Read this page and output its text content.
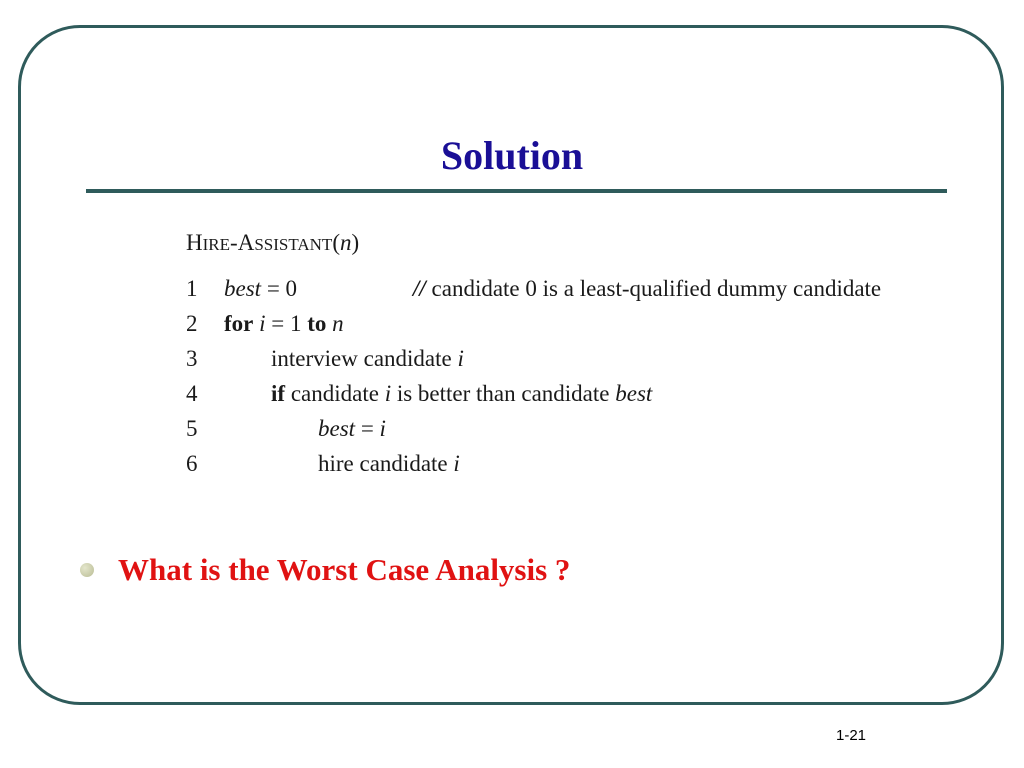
Solution
HIRE-ASSISTANT(n)
1	best = 0	// candidate 0 is a least-qualified dummy candidate
2	for i = 1 to n
3	interview candidate i
4	if candidate i is better than candidate best
5	best = i
6	hire candidate i
What is the Worst Case Analysis ?
1-21
